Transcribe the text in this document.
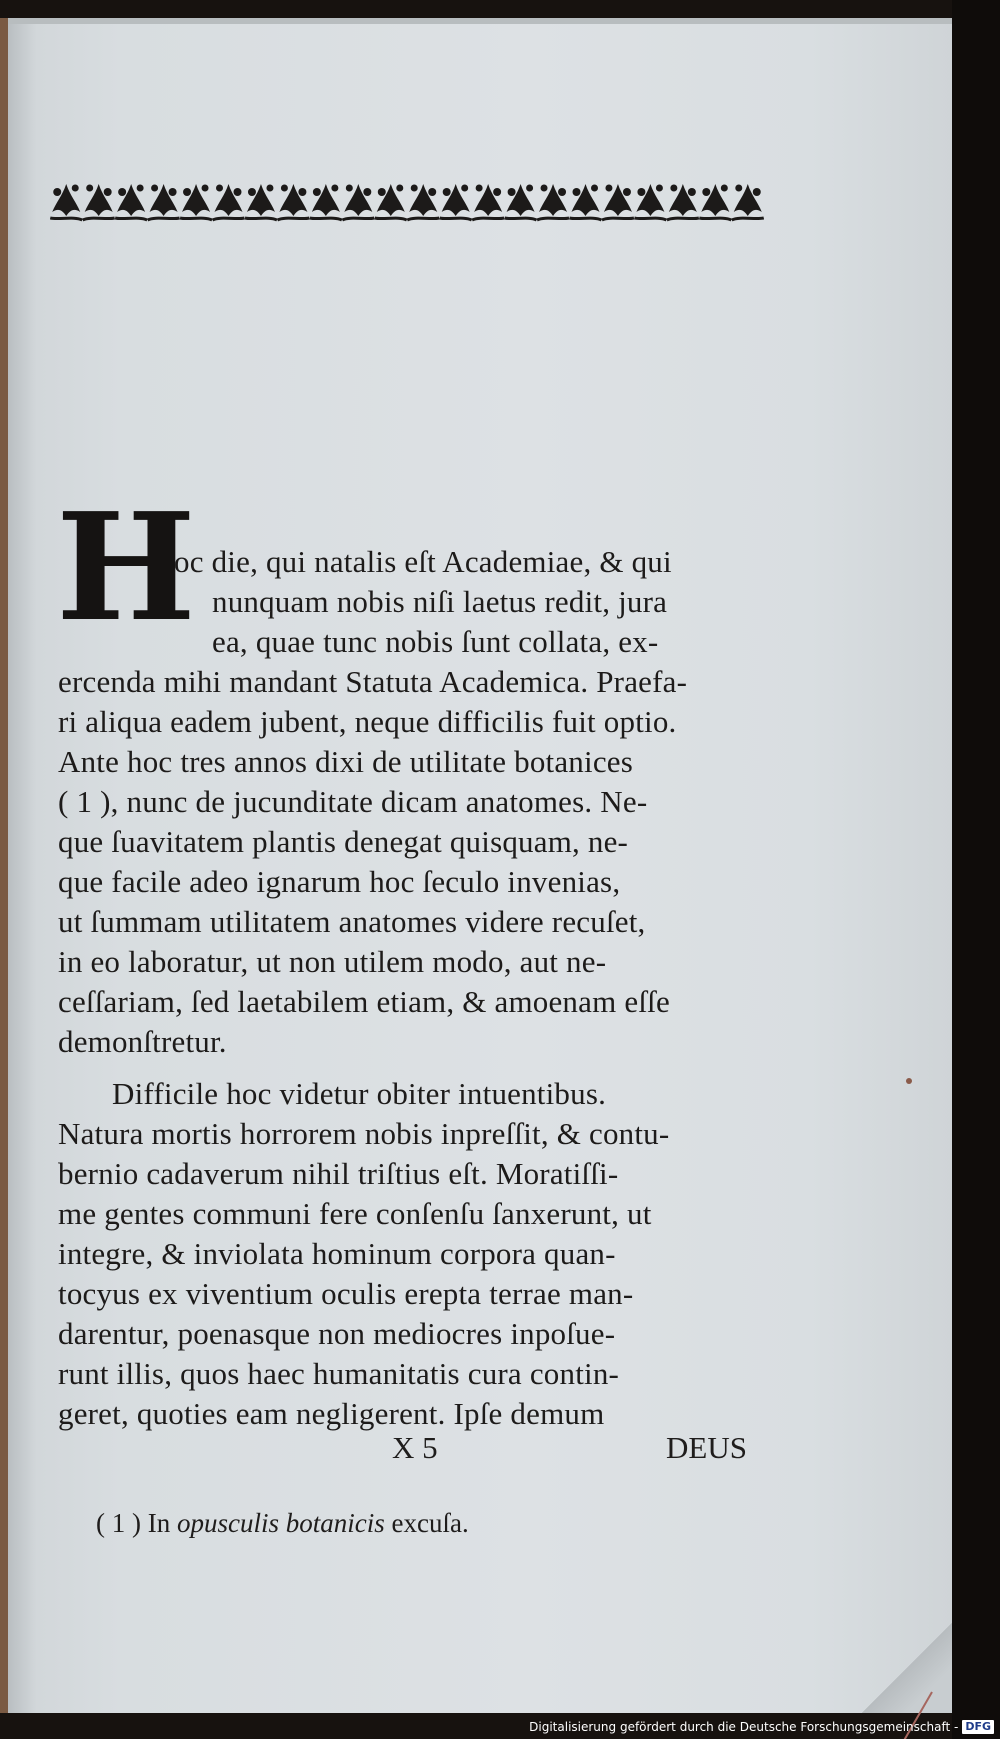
H
oc die, qui natalis eſt Academiae, & qui
nunquam nobis niſi laetus redit, jura
ea, quae tunc nobis ſunt collata, ex-
ercenda mihi mandant Statuta Academica. Praefa-
ri aliqua eadem jubent, neque difficilis fuit optio.
Ante hoc tres annos dixi de utilitate botanices
( 1 ), nunc de jucunditate dicam anatomes. Ne-
que ſuavitatem plantis denegat quisquam, ne-
que facile adeo ignarum hoc ſeculo invenias,
ut ſummam utilitatem anatomes videre recuſet,
in eo laboratur, ut non utilem modo, aut ne-
ceſſariam, ſed laetabilem etiam, & amoenam eſſe
demonſtretur.
Difficile hoc videtur obiter intuentibus.
Natura mortis horrorem nobis inpreſſit, & contu-
bernio cadaverum nihil triſtius eſt. Moratiſſi-
me gentes communi fere conſenſu ſanxerunt, ut
integre, & inviolata hominum corpora quan-
tocyus ex viventium oculis erepta terrae man-
darentur, poenasque non mediocres inpoſue-
runt illis, quos haec humanitatis cura contin-
geret, quoties eam negligerent. Ipſe demum
X 5	DEUS
( 1 ) In opusculis botanicis excuſa.
Digitalisierung gefördert durch die Deutsche Forschungsgemeinschaft - DFG
